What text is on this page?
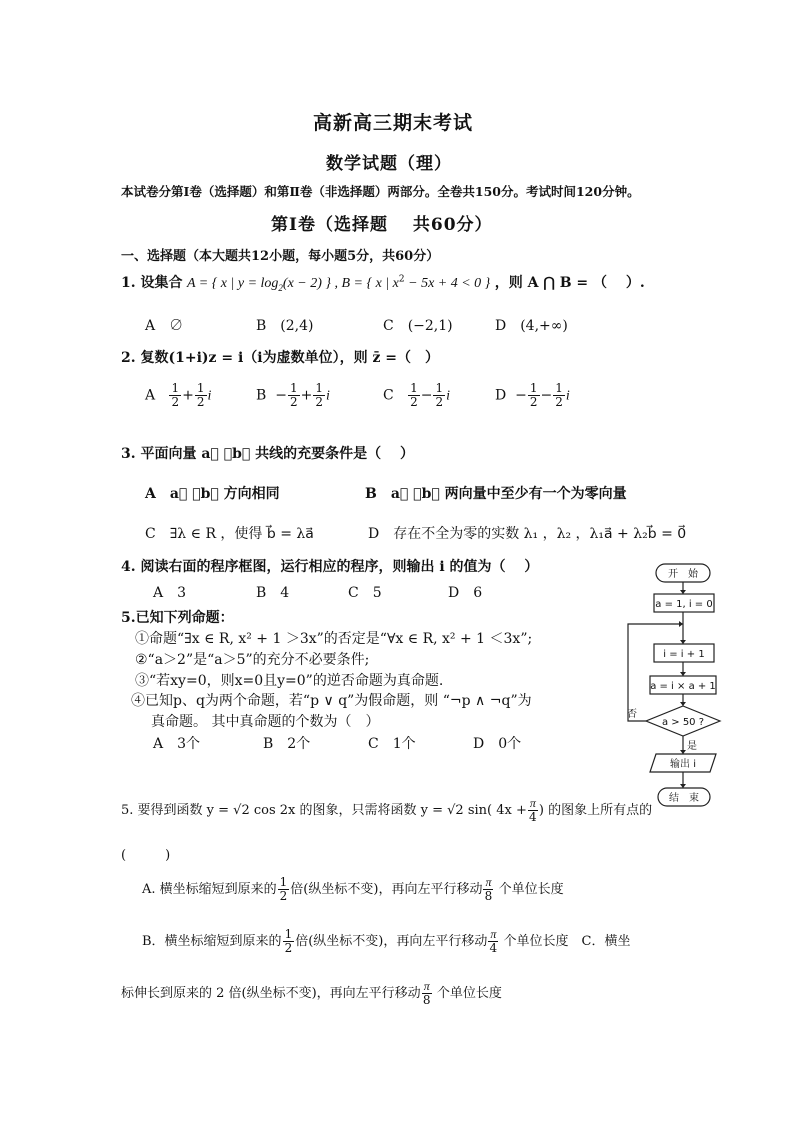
高新高三期末考试
数学试题（理）
本试卷分第Ⅰ卷（选择题）和第Ⅱ卷（非选择题）两部分。全卷共150分。考试时间120分钟。
第Ⅰ卷（选择题　 共60分）
一、选择题（本大题共12小题，每小题5分，共60分）
1. 设集合 A = { x | $y = \log_2(x - 2)$ } , B = { x | $x^2 - 5x + 4 < 0$ } ，则 A ⋂ B = （　 ）.
A　∅	B　(2,4)	C　(−2,1)	D　(4,+∞)
2. 复数(1+i)z = i（i为虚数单位），则 z̄ =（　）
A $\frac{1}{2} + \frac{1}{2}$ i	$B - \frac{1}{2} + \frac{1}{2}$ i	C $\frac{1}{2} - \frac{1}{2}$ i	$D - \frac{1}{2} - \frac{1}{2}$ i
3. 平面向量 a⃗ ，b⃗ 共线的充要条件是（　 ）
A　a⃗ ，b⃗ 方向相同	B　a⃗ ，b⃗ 两向量中至少有一个为零向量
C　∃λ ∈ R ，使得 b⃗ = λa⃗	D　存在不全为零的实数 λ₁ ，λ₂ ，λ₁a⃗ + λ₂b⃗ = 0⃗
4. 阅读右面的程序框图，运行相应的程序，则输出 i 的值为（　 ）
A　3	B　4	C　5	D　6
5.已知下列命题：
①命题“∃x ∈ R, x² + 1 ＞3x”的否定是“∀x ∈ R, x² + 1 ＜3x”;
②“a＞2”是“a＞5”的充分不必要条件;
③“若xy=0，则x=0且y=0”的逆否命题为真命题.
④已知p、q为两个命题，若“p ∨ q”为假命题，则 “¬p ∧ ¬q”为
真命题。 其中真命题的个数为（　）
A　3个	B　2个	C　1个	D　0个
开　始
a = 1, i = 0
i = i + 1
a = i × a + 1
a > 50 ?
否
是
输出 i
结　束
5. 要得到函数 y = √2 cos 2x 的图象，只需将函数 y = √2 sin( $4x + \frac{\pi}{4}$ ) 的图象上所有点的
(　　　)
A. 横坐标缩短到原来的 $\frac{1}{2}$ 倍(纵坐标不变)，再向左平行移动 $\frac{\pi}{8}$ 个单位长度
B．横坐标缩短到原来的 $\frac{1}{2}$ 倍(纵坐标不变)，再向左平行移动 $\frac{\pi}{4}$ 个单位长度　C．横坐
标伸长到原来的 2 倍(纵坐标不变)，再向左平行移动 $\frac{\pi}{8}$ 个单位长度
